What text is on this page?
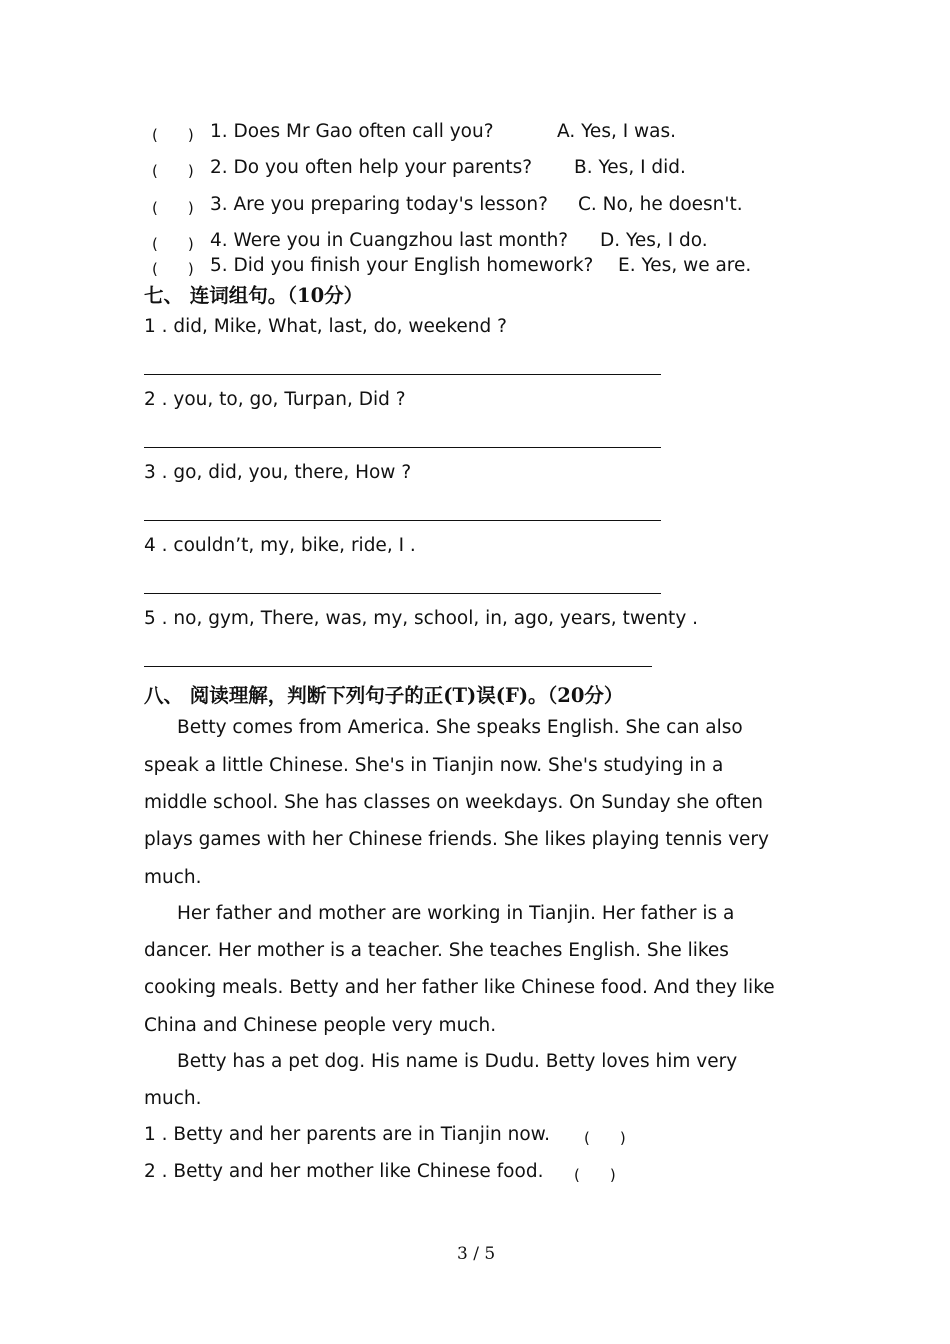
(　　) 1. Does Mr Gao often call you?	A. Yes, I was.
(　　) 2. Do you often help your parents? B. Yes, I did.
(　　) 3. Are you preparing today's lesson? C. No, he doesn't.
(　　) 4. Were you in Cuangzhou last month? D. Yes, I do.
(　　) 5. Did you finish your English homework? E. Yes, we are.
七、 连词组句。（10分）
1 . did, Mike, What, last, do, weekend ?
2 . you, to, go, Turpan, Did ?
3 . go, did, you, there, How ?
4 . couldn’t, my, bike, ride, I .
5 . no, gym, There, was, my, school, in, ago, years, twenty .
八、 阅读理解，判断下列句子的正(T)误(F)。（20分）
Betty comes from America. She speaks English. She can also
speak a little Chinese. She's in Tianjin now. She's studying in a
middle school. She has classes on weekdays. On Sunday she often
plays games with her Chinese friends. She likes playing tennis very
much.
Her father and mother are working in Tianjin. Her father is a
dancer. Her mother is a teacher. She teaches English. She likes
cooking meals. Betty and her father like Chinese food. And they like
China and Chinese people very much.
Betty has a pet dog. His name is Dudu. Betty loves him very
much.
1 . Betty and her parents are in Tianjin now. (　　)
2 . Betty and her mother like Chinese food. (　　)
3 / 5
